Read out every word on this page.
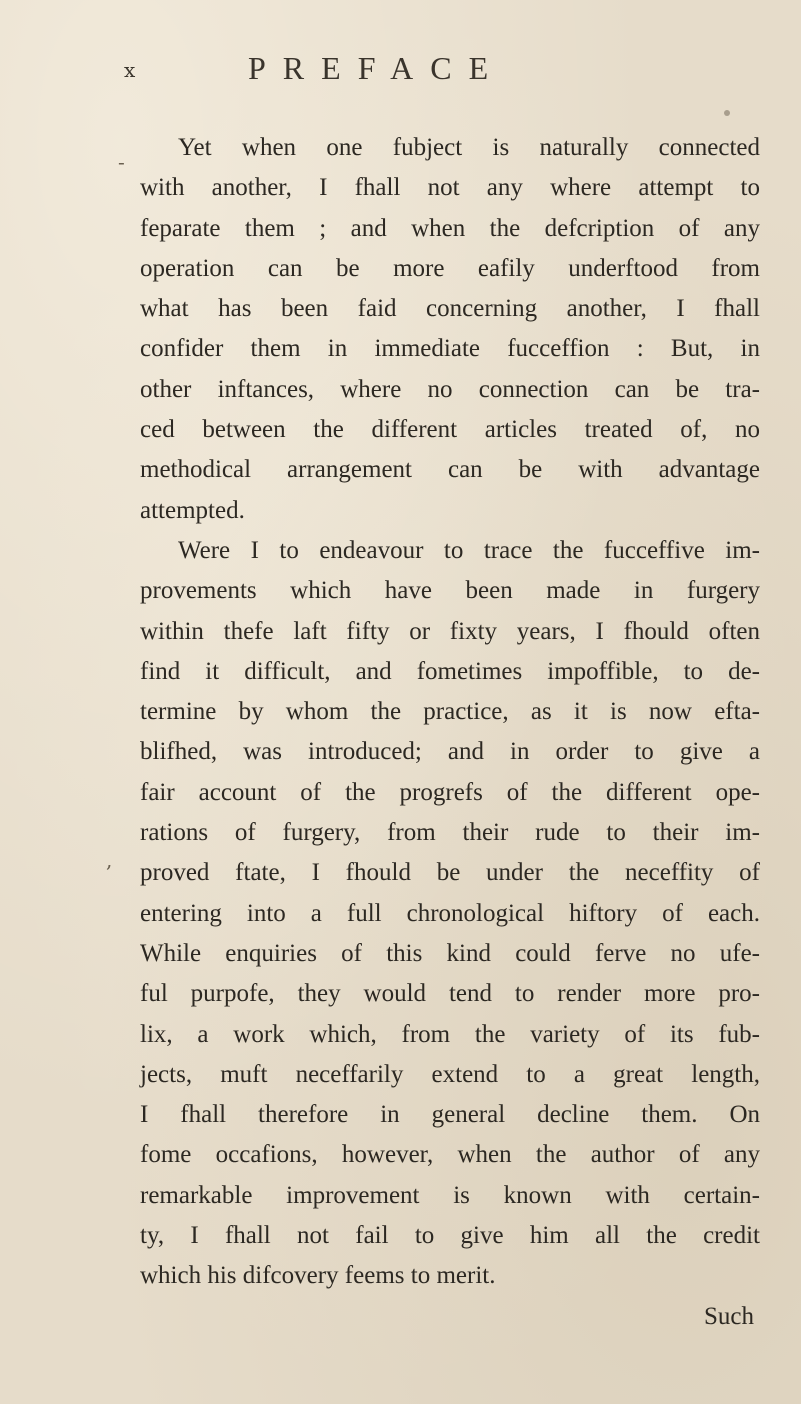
x	PREFACE
-
,
Yet when one fubject is naturally connected
with another, I fhall not any where attempt to
feparate them ; and when the defcription of any
operation can be more eafily underftood from
what has been faid concerning another, I fhall
confider them in immediate fucceffion : But, in
other inftances, where no connection can be tra-
ced between the different articles treated of, no
methodical arrangement can be with advantage
attempted.
Were I to endeavour to trace the fucceffive im-
provements which have been made in furgery
within thefe laft fifty or fixty years, I fhould often
find it difficult, and fometimes impoffible, to de-
termine by whom the practice, as it is now efta-
blifhed, was introduced; and in order to give a
fair account of the progrefs of the different ope-
rations of furgery, from their rude to their im-
proved ftate, I fhould be under the neceffity of
entering into a full chronological hiftory of each.
While enquiries of this kind could ferve no ufe-
ful purpofe, they would tend to render more pro-
lix, a work which, from the variety of its fub-
jects, muft neceffarily extend to a great length,
I fhall therefore in general decline them. On
fome occafions, however, when the author of any
remarkable improvement is known with certain-
ty, I fhall not fail to give him all the credit
which his difcovery feems to merit.
Such
